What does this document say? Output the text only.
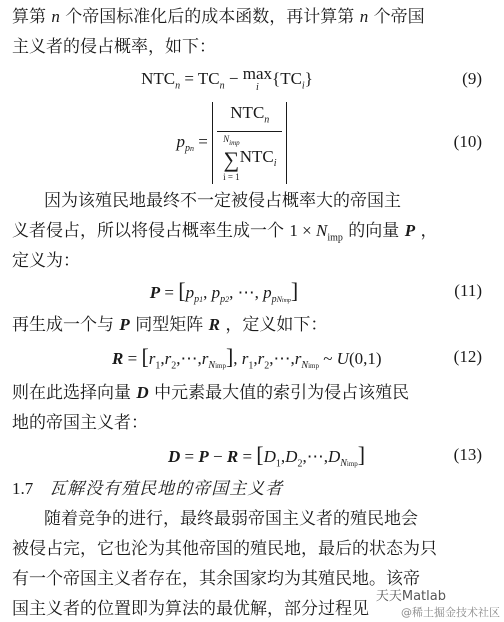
算第 n 个帝国标准化后的成本函数，再计算第 n 个帝国
主义者的侵占概率，如下：
$NTC_n = TC_n - \max$

i $\{TC_i\}$	(9)
$p_{pn} = NTC_n$
$N_{imp}$
∑
i = 1
$NTC_i$	(10)
因为该殖民地最终不一定被侵占概率大的帝国主
义者侵占，所以将侵占概率生成一个 $1 \times N_{imp}$ 的向量 P ，
定义为：
$P = [p_{p1}$, $p_{p2}$, ⋯, $p_{pNimp}$]	(11)
再生成一个与 P 同型矩阵 R ，定义如下：
$R = [r_1,r_2,\cdots,r_{Nimp}]$, $r_1,r_2,\cdots,r_{Nimp}$ ~ U(0,1)	(12)
则在此选择向量 D 中元素最大值的索引为侵占该殖民
地的帝国主义者：
$D = P - R = [D_1,D_2,\cdots,D_{Nimp}]$	(13)
1.7 瓦解没有殖民地的帝国主义者
随着竞争的进行，最终最弱帝国主义者的殖民地会
被侵占完，它也沦为其他帝国的殖民地，最后的状态为只
有一个帝国主义者存在，其余国家均为其殖民地。该帝
国主义者的位置即为算法的最优解，部分过程见
天天Matlab
@稀土掘金技术社区
